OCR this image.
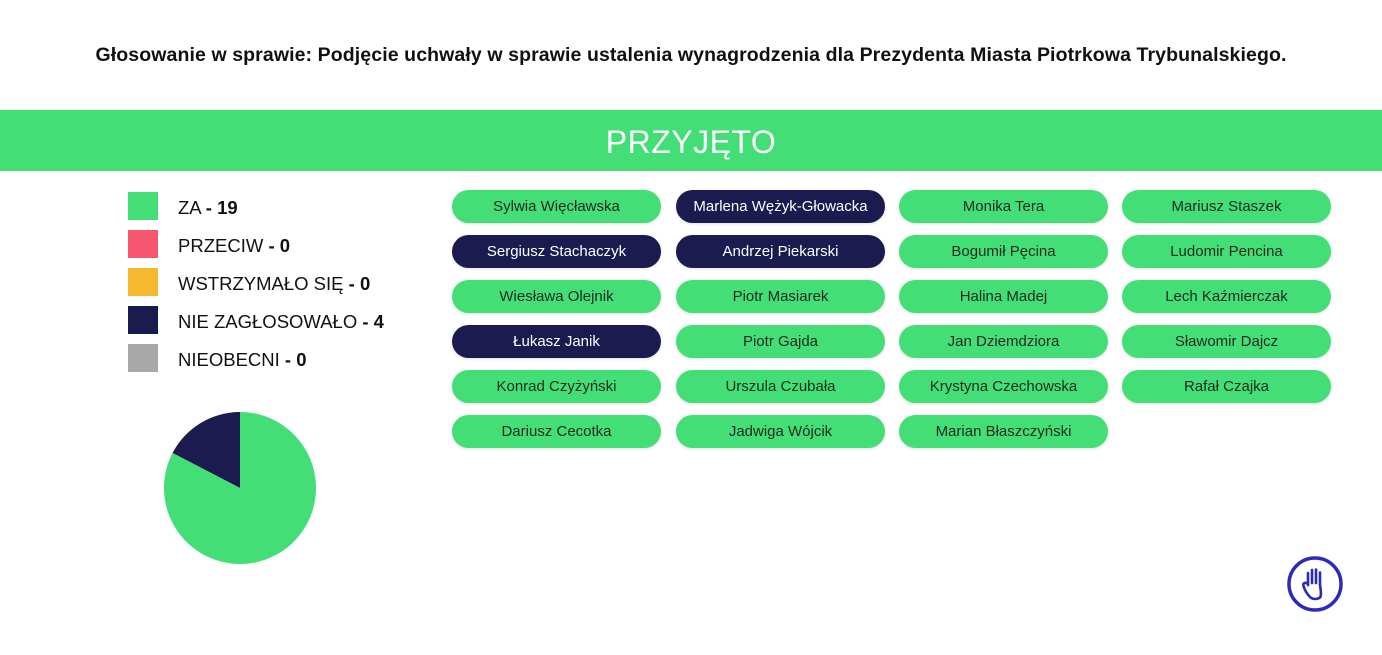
Głosowanie w sprawie: Podjęcie uchwały w sprawie ustalenia wynagrodzenia dla Prezydenta Miasta Piotrkowa Trybunalskiego.
PRZYJĘTO
ZA - 19
PRZECIW - 0
WSTRZYMAŁO SIĘ - 0
NIE ZAGŁOSOWAŁO - 4
NIEOBECNI - 0
Sylwia Więcławska
Sergiusz Stachaczyk
Wiesława Olejnik
Łukasz Janik
Konrad Czyżyński
Dariusz Cecotka
Marlena Wężyk-Głowacka
Andrzej Piekarski
Piotr Masiarek
Piotr Gajda
Urszula Czubała
Jadwiga Wójcik
Monika Tera
Bogumił Pęcina
Halina Madej
Jan Dziemdziora
Krystyna Czechowska
Marian Błaszczyński
Mariusz Staszek
Ludomir Pencina
Lech Kaźmierczak
Sławomir Dajcz
Rafał Czajka
